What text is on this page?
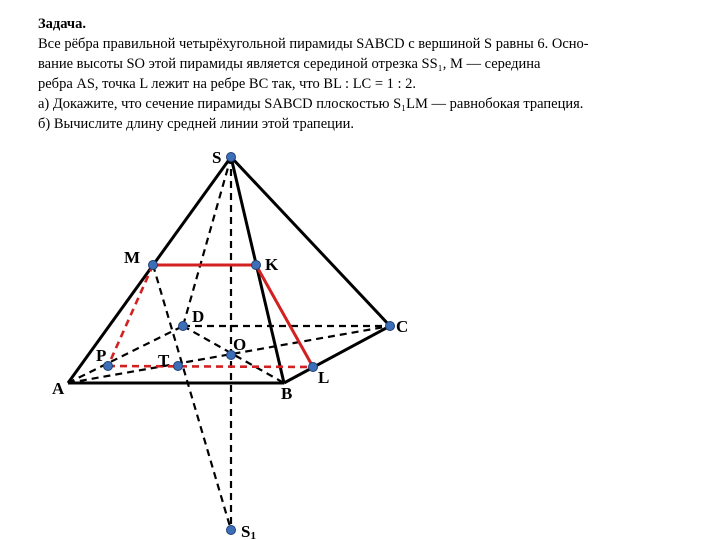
Задача.
Все рёбра правильной четырёхугольной пирамиды SABCD с вершиной S равны 6. Осно-
вание высоты SO этой пирамиды является серединой отрезка SS₁, M — середина
ребра AS, точка L лежит на ребре BC так, что BL : LC = 1 : 2.
а) Докажите, что сечение пирамиды SABCD плоскостью S₁LM — равнобокая трапеция.
б) Вычислите длину средней линии этой трапеции.
S
M	K
D
C
O
P	T
A	B
L
S1
